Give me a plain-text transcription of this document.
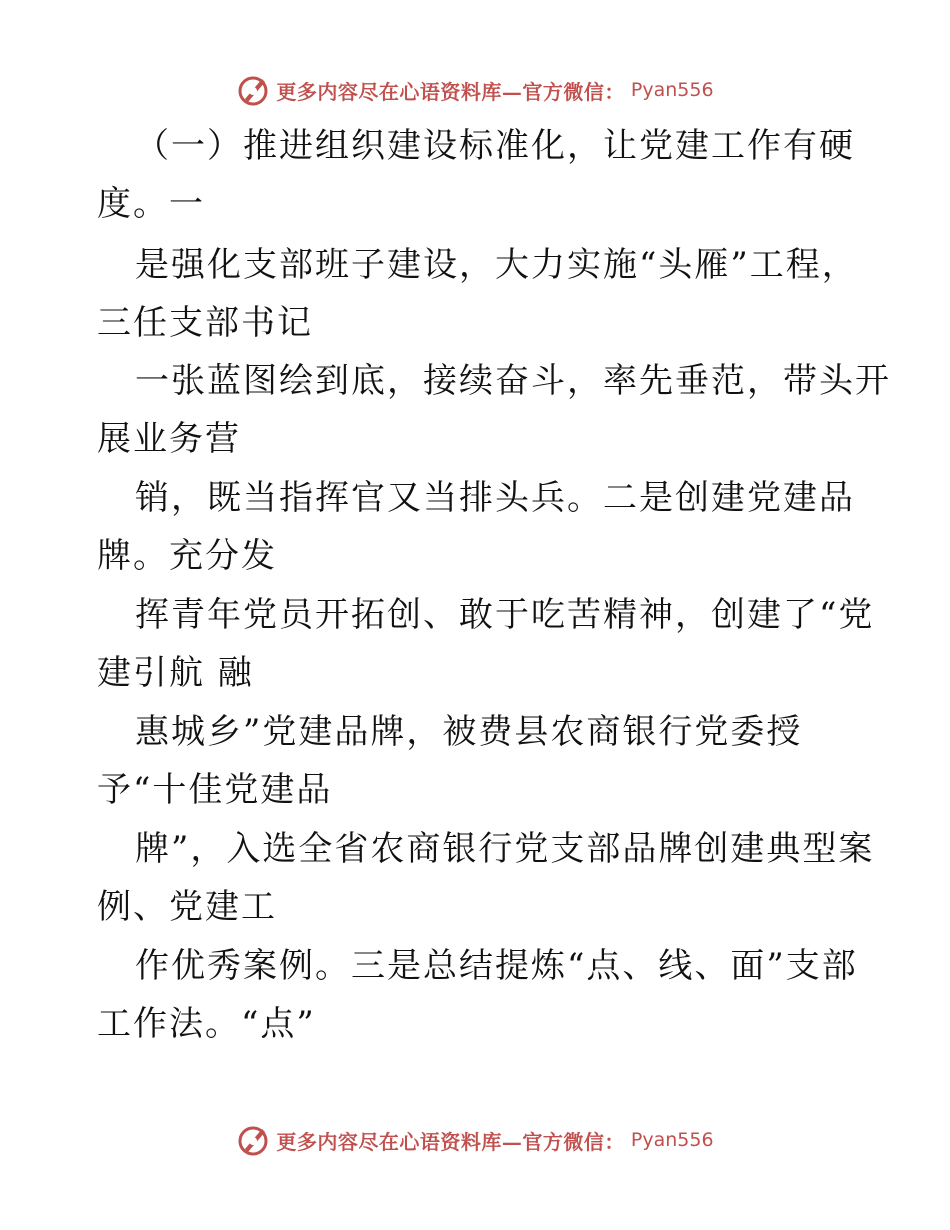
更多内容尽在心语资料库—官方微信： Pyan556
（一）推进组织建设标准化，让党建工作有硬
度。一
是强化支部班子建设，大力实施“头雁”工程，
三任支部书记
一张蓝图绘到底，接续奋斗，率先垂范，带头开
展业务营
销，既当指挥官又当排头兵。二是创建党建品
牌。充分发
挥青年党员开拓创、敢于吃苦精神，创建了“党
建引航 融
惠城乡”党建品牌，被费县农商银行党委授
予“十佳党建品
牌”，入选全省农商银行党支部品牌创建典型案
例、党建工
作优秀案例。三是总结提炼“点、线、面”支部
工作法。“点”
更多内容尽在心语资料库—官方微信： Pyan556
